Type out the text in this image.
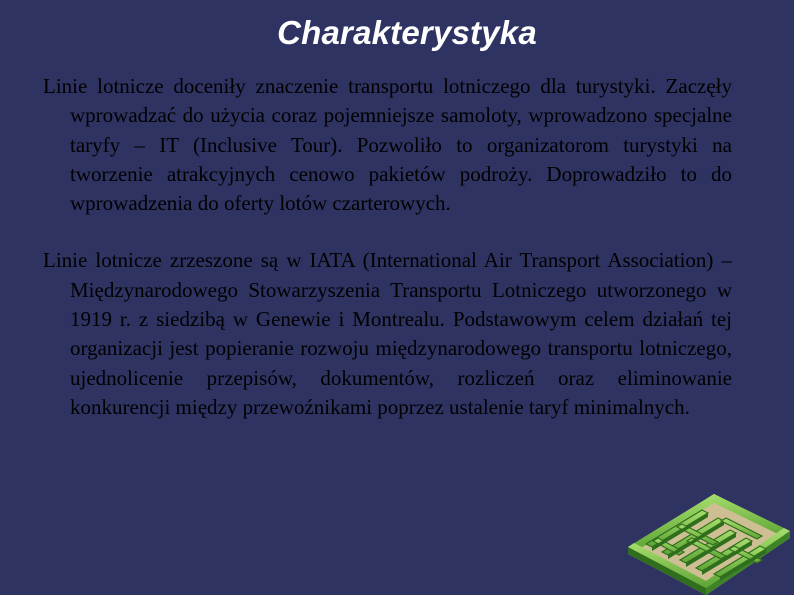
Charakterystyka

Linie lotnicze doceniły znaczenie transportu lotniczego dla turystyki. Zaczęły wprowadzać do użycia coraz pojemniejsze samoloty, wprowadzono specjalne taryfy – IT (Inclusive Tour). Pozwoliło to organizatorom turystyki na tworzenie atrakcyjnych cenowo pakietów podroży. Doprowadziło to do wprowadzenia do oferty lotów czarterowych.

Linie lotnicze zrzeszone są w IATA (International Air Transport Association) – Międzynarodowego Stowarzyszenia Transportu Lotniczego utworzonego w 1919 r. z siedzibą w Genewie i Montrealu. Podstawowym celem działań tej organizacji jest popieranie rozwoju międzynarodowego transportu lotniczego, ujednolicenie przepisów, dokumentów, rozliczeń oraz eliminowanie konkurencji między przewoźnikami poprzez ustalenie taryf minimalnych.
